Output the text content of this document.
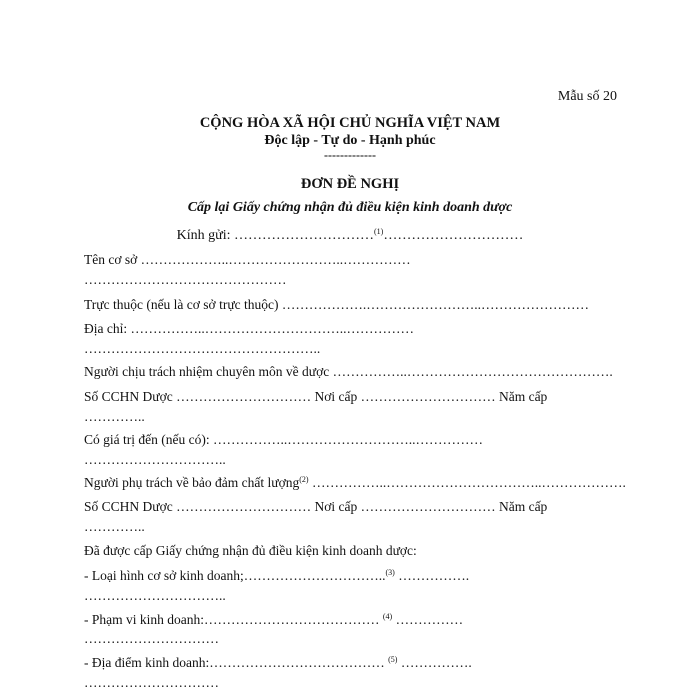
Mẫu số 20
CỘNG HÒA XÃ HỘI CHỦ NGHĨA VIỆT NAM
Độc lập - Tự do - Hạnh phúc
-------------
ĐƠN ĐỀ NGHỊ
Cấp lại Giấy chứng nhận đủ điều kiện kinh doanh dược
Kính gửi: …………………………$^{(1)}$…………………………
Tên cơ sở ………………..……………………..……………
………………………………………
Trực thuộc (nếu là cơ sở trực thuộc) ……………….……………………..……………………
Địa chỉ: ……………..…………………………..……………
……………………………………………..
Người chịu trách nhiệm chuyên môn về dược ……………..……………………………………….
Số CCHN Dược ………………………… Nơi cấp ………………………… Năm cấp
…………..
Có giá trị đến (nếu có): ……………..………………………..……………
…………………………..
Người phụ trách về bảo đảm chất lượng$^{(2)}$ ……………..……………………………..……………….
Số CCHN Dược ………………………… Nơi cấp ………………………… Năm cấp
…………..
Đã được cấp Giấy chứng nhận đủ điều kiện kinh doanh dược:
- Loại hình cơ sở kinh doanh;…………………………..$^{(3)}$ …………….
…………………………..
- Phạm vi kinh doanh:………………………………… $^{(4)}$ ……………
…………………………
- Địa điểm kinh doanh:………………………………… $^{(5)}$ …………….
…………………………
